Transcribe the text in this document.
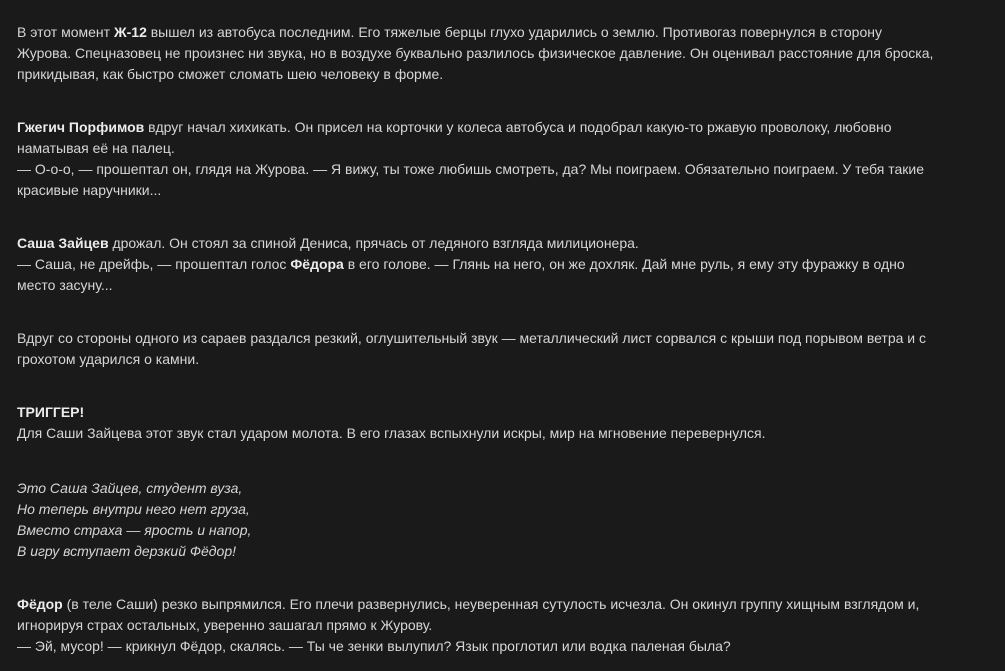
В этот момент Ж-12 вышел из автобуса последним. Его тяжелые берцы глухо ударились о землю. Противогаз повернулся в сторону
Журова. Спецназовец не произнес ни звука, но в воздухе буквально разлилось физическое давление. Он оценивал расстояние для броска,
прикидывая, как быстро сможет сломать шею человеку в форме.

Гжегич Порфимов вдруг начал хихикать. Он присел на корточки у колеса автобуса и подобрал какую-то ржавую проволоку, любовно
наматывая её на палец.
— О-о-о, — прошептал он, глядя на Журова. — Я вижу, ты тоже любишь смотреть, да? Мы поиграем. Обязательно поиграем. У тебя такие
красивые наручники...

Саша Зайцев дрожал. Он стоял за спиной Дениса, прячась от ледяного взгляда милиционера.
— Саша, не дрейфь, — прошептал голос Фёдора в его голове. — Глянь на него, он же дохляк. Дай мне руль, я ему эту фуражку в одно
место засуну...

Вдруг со стороны одного из сараев раздался резкий, оглушительный звук — металлический лист сорвался с крыши под порывом ветра и с
грохотом ударился о камни.

ТРИГГЕР!
Для Саши Зайцева этот звук стал ударом молота. В его глазах вспыхнули искры, мир на мгновение перевернулся.

Это Саша Зайцев, студент вуза,
Но теперь внутри него нет груза,
Вместо страха — ярость и напор,
В игру вступает дерзкий Фёдор!

Фёдор (в теле Саши) резко выпрямился. Его плечи развернулись, неуверенная сутулость исчезла. Он окинул группу хищным взглядом и,
игнорируя страх остальных, уверенно зашагал прямо к Журову.
— Эй, мусор! — крикнул Фёдор, скалясь. — Ты че зенки вылупил? Язык проглотил или водка паленая была?
